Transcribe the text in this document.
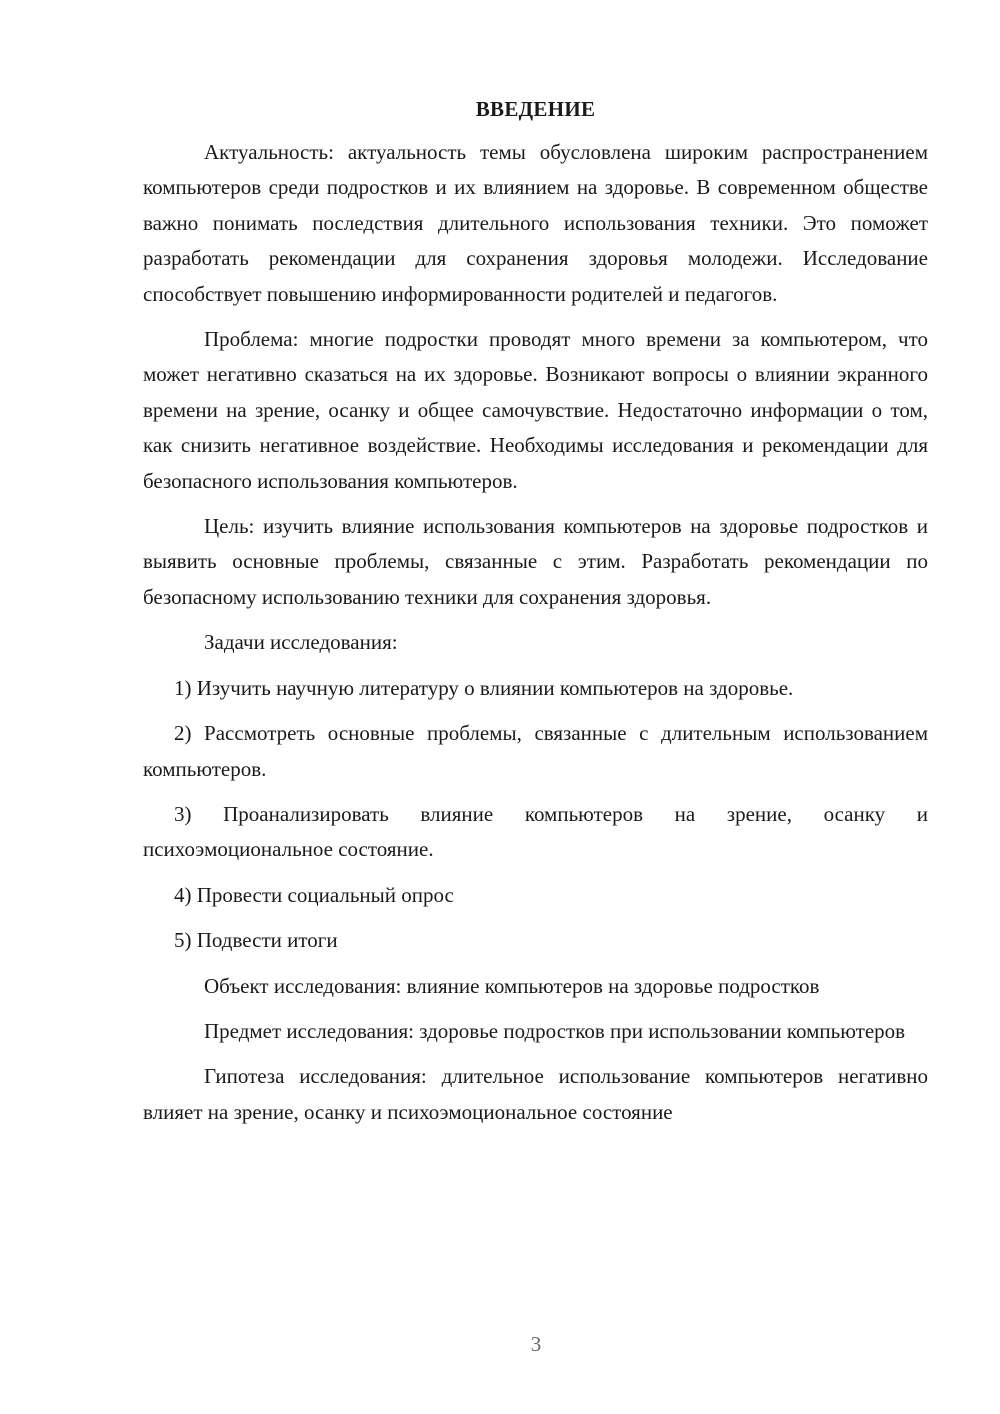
ВВЕДЕНИЕ

Актуальность: актуальность темы обусловлена широким распространением компьютеров среди подростков и их влиянием на здоровье. В современном обществе важно понимать последствия длительного использования техники. Это поможет разработать рекомендации для сохранения здоровья молодежи. Исследование способствует повышению информированности родителей и педагогов.

Проблема: многие подростки проводят много времени за компьютером, что может негативно сказаться на их здоровье. Возникают вопросы о влиянии экранного времени на зрение, осанку и общее самочувствие. Недостаточно информации о том, как снизить негативное воздействие. Необходимы исследования и рекомендации для безопасного использования компьютеров.

Цель: изучить влияние использования компьютеров на здоровье подростков и выявить основные проблемы, связанные с этим. Разработать рекомендации по безопасному использованию техники для сохранения здоровья.

Задачи исследования:

1) Изучить научную литературу о влиянии компьютеров на здоровье.

2) Рассмотреть основные проблемы, связанные с длительным использованием компьютеров.

3) Проанализировать влияние компьютеров на зрение, осанку и психоэмоциональное состояние.

4) Провести социальный опрос

5) Подвести итоги

Объект исследования: влияние компьютеров на здоровье подростков

Предмет исследования: здоровье подростков при использовании компьютеров

Гипотеза исследования: длительное использование компьютеров негативно влияет на зрение, осанку и психоэмоциональное состояние

3
